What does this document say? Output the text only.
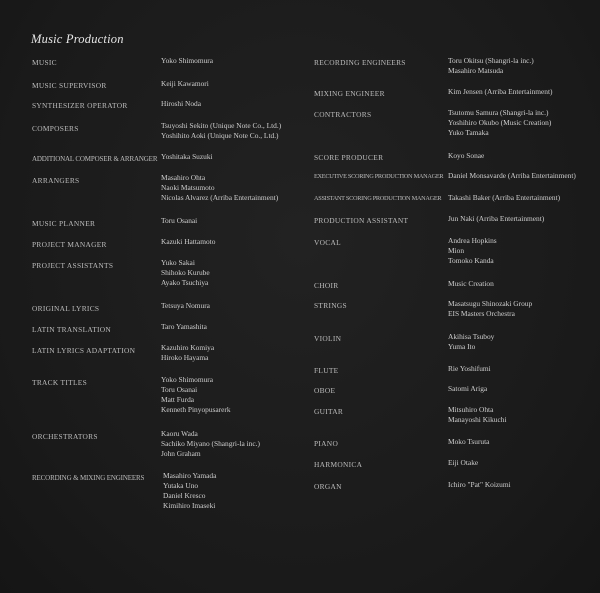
Music Production
MUSIC	Yoko Shimomura
MUSIC SUPERVISOR	Keiji Kawamori
SYNTHESIZER OPERATOR	Hiroshi Noda
COMPOSERS	Tsuyoshi Sekito (Unique Note Co., Ltd.)
Yoshihito Aoki (Unique Note Co., Ltd.)
ADDITIONAL COMPOSER & ARRANGER Yoshitaka Suzuki
ARRANGERS	Masahiro Ohta
Naoki Matsumoto
Nicolas Alvarez (Arriba Entertainment)
MUSIC PLANNER	Toru Osanai
PROJECT MANAGER	Kazuki Hattamoto
PROJECT ASSISTANTS	Yuko Sakai
Shihoko Kurube
Ayako Tsuchiya
ORIGINAL LYRICS	Tetsuya Nomura
LATIN TRANSLATION	Taro Yamashita
LATIN LYRICS ADAPTATION	Kazuhiro Komiya
Hiroko Hayama
TRACK TITLES	Yoko Shimomura
Toru Osanai
Matt Furda
Kenneth Pinyopusarerk
ORCHESTRATORS	Kaoru Wada
Sachiko Miyano (Shangri-la inc.)
John Graham
RECORDING & MIXING ENGINEERS	Masahiro Yamada
Yutaka Uno
Daniel Kresco
Kimihiro Imaseki
RECORDING ENGINEERS	Toru Okitsu (Shangri-la inc.)
Masahiro Matsuda
MIXING ENGINEER	Kim Jensen (Arriba Entertainment)
CONTRACTORS	Tsutomu Samura (Shangri-la inc.)
Yoshihiro Okubo (Music Creation)
Yuko Tamaka
SCORE PRODUCER	Koyo Sonae
EXECUTIVE SCORING PRODUCTION MANAGER Daniel Monsavarde (Arriba Entertainment)
ASSISTANT SCORING PRODUCTION MANAGER Takashi Baker (Arriba Entertainment)
PRODUCTION ASSISTANT	Jun Naki (Arriba Entertainment)
VOCAL	Andrea Hopkins
Mion
Tomoko Kanda
CHOIR	Music Creation
STRINGS	Masatsugu Shinozaki Group
EIS Masters Orchestra
VIOLIN	Akihisa Tsuboy
Yuma Ito
FLUTE	Rie Yoshifumi
OBOE	Satomi Ariga
GUITAR	Mitsuhiro Ohta
Manayoshi Kikuchi
PIANO	Moko Tsuruta
HARMONICA	Eiji Otake
ORGAN	Ichiro "Pat" Koizumi
